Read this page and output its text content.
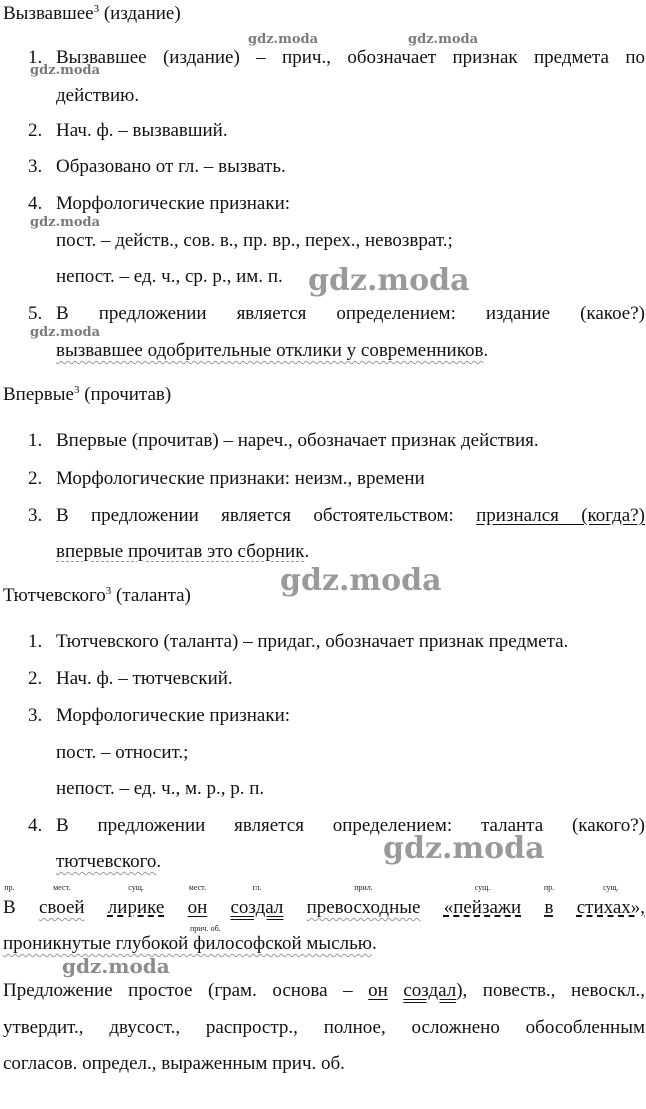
Вызвавшее$^3$ (издание)
1. Вызвавшее (издание) – прич., обозначает признак предмета по
действию.
2. Нач. ф. – вызвавший.
3. Образовано от гл. – вызвать.
4. Морфологические признаки:
пост. – действ., сов. в., пр. вр., перех., невозврат.;
непост. – ед. ч., ср. р., им. п.
5. В предложении является определением: издание (какое?)
вызвавшее одобрительные отклики у современников.
Впервые$^3$ (прочитав)
1. Впервые (прочитав) – нареч., обозначает признак действия.
2. Морфологические признаки: неизм., времени
3. В предложении является обстоятельством: признался (когда?)
впервые прочитав это сборник.
Тютчевского$^3$ (таланта)
1. Тютчевского (таланта) – придаг., обозначает признак предмета.
2. Нач. ф. – тютчевский.
3. Морфологические признаки:
пост. – относит.;
непост. – ед. ч., м. р., р. п.
4. В предложении является определением: таланта (какого?)
тютчевского.
пр.
В
мест.
своей
сущ.
лирике
мест.
он
гл.
создал
прил.
превосходные
сущ.
«пейзажи
пр.
в
сущ.
стихах»,
прич. об.
проникнутые глубокой философской мыслью.
Предложение простое (грам. основа – он создал), повеств., невоскл.,
утвердит., двусост., распростр., полное, осложнено обособленным
согласов. определ., выраженным прич. об.
gdz.moda	gdz.moda
gdz.moda
gdz.moda
gdz.moda
gdz.moda
gdz.moda
gdz.moda
gdz.moda
